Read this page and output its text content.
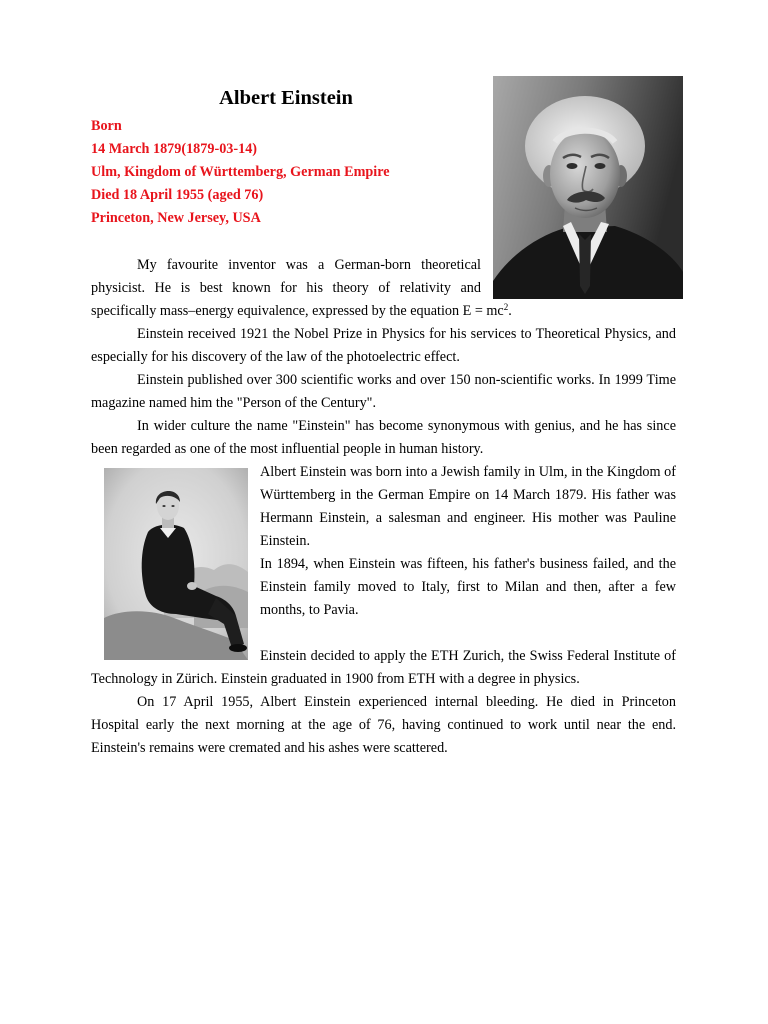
Albert Einstein
Born
14 March 1879(1879-03-14)
Ulm, Kingdom of Württemberg, German Empire
Died 18 April 1955 (aged 76)
Princeton, New Jersey, USA

My favourite inventor was a German-born theoretical physicist. He is best known for his theory of relativity and specifically mass–energy equivalence, expressed by the equation $E = mc^2$.

Einstein received 1921 the Nobel Prize in Physics for his services to Theoretical Physics, and especially for his discovery of the law of the photoelectric effect.

Einstein published over 300 scientific works and over 150 non-scientific works. In 1999 Time magazine named him the "Person of the Century".

In wider culture the name "Einstein" has become synonymous with genius, and he has since been regarded as one of the most influential people in human history.

Albert Einstein was born into a Jewish family in Ulm, in the Kingdom of Württemberg in the German Empire on 14 March 1879. His father was Hermann Einstein, a salesman and engineer. His mother was Pauline Einstein.

In 1894, when Einstein was fifteen, his father's business failed, and the Einstein family moved to Italy, first to Milan and then, after a few months, to Pavia.

Einstein decided to apply the ETH Zurich, the Swiss Federal Institute of Technology in Zürich. Einstein graduated in 1900 from ETH with a degree in physics.

On 17 April 1955, Albert Einstein experienced internal bleeding. He died in Princeton Hospital early the next morning at the age of 76, having continued to work until near the end. Einstein's remains were cremated and his ashes were scattered.
